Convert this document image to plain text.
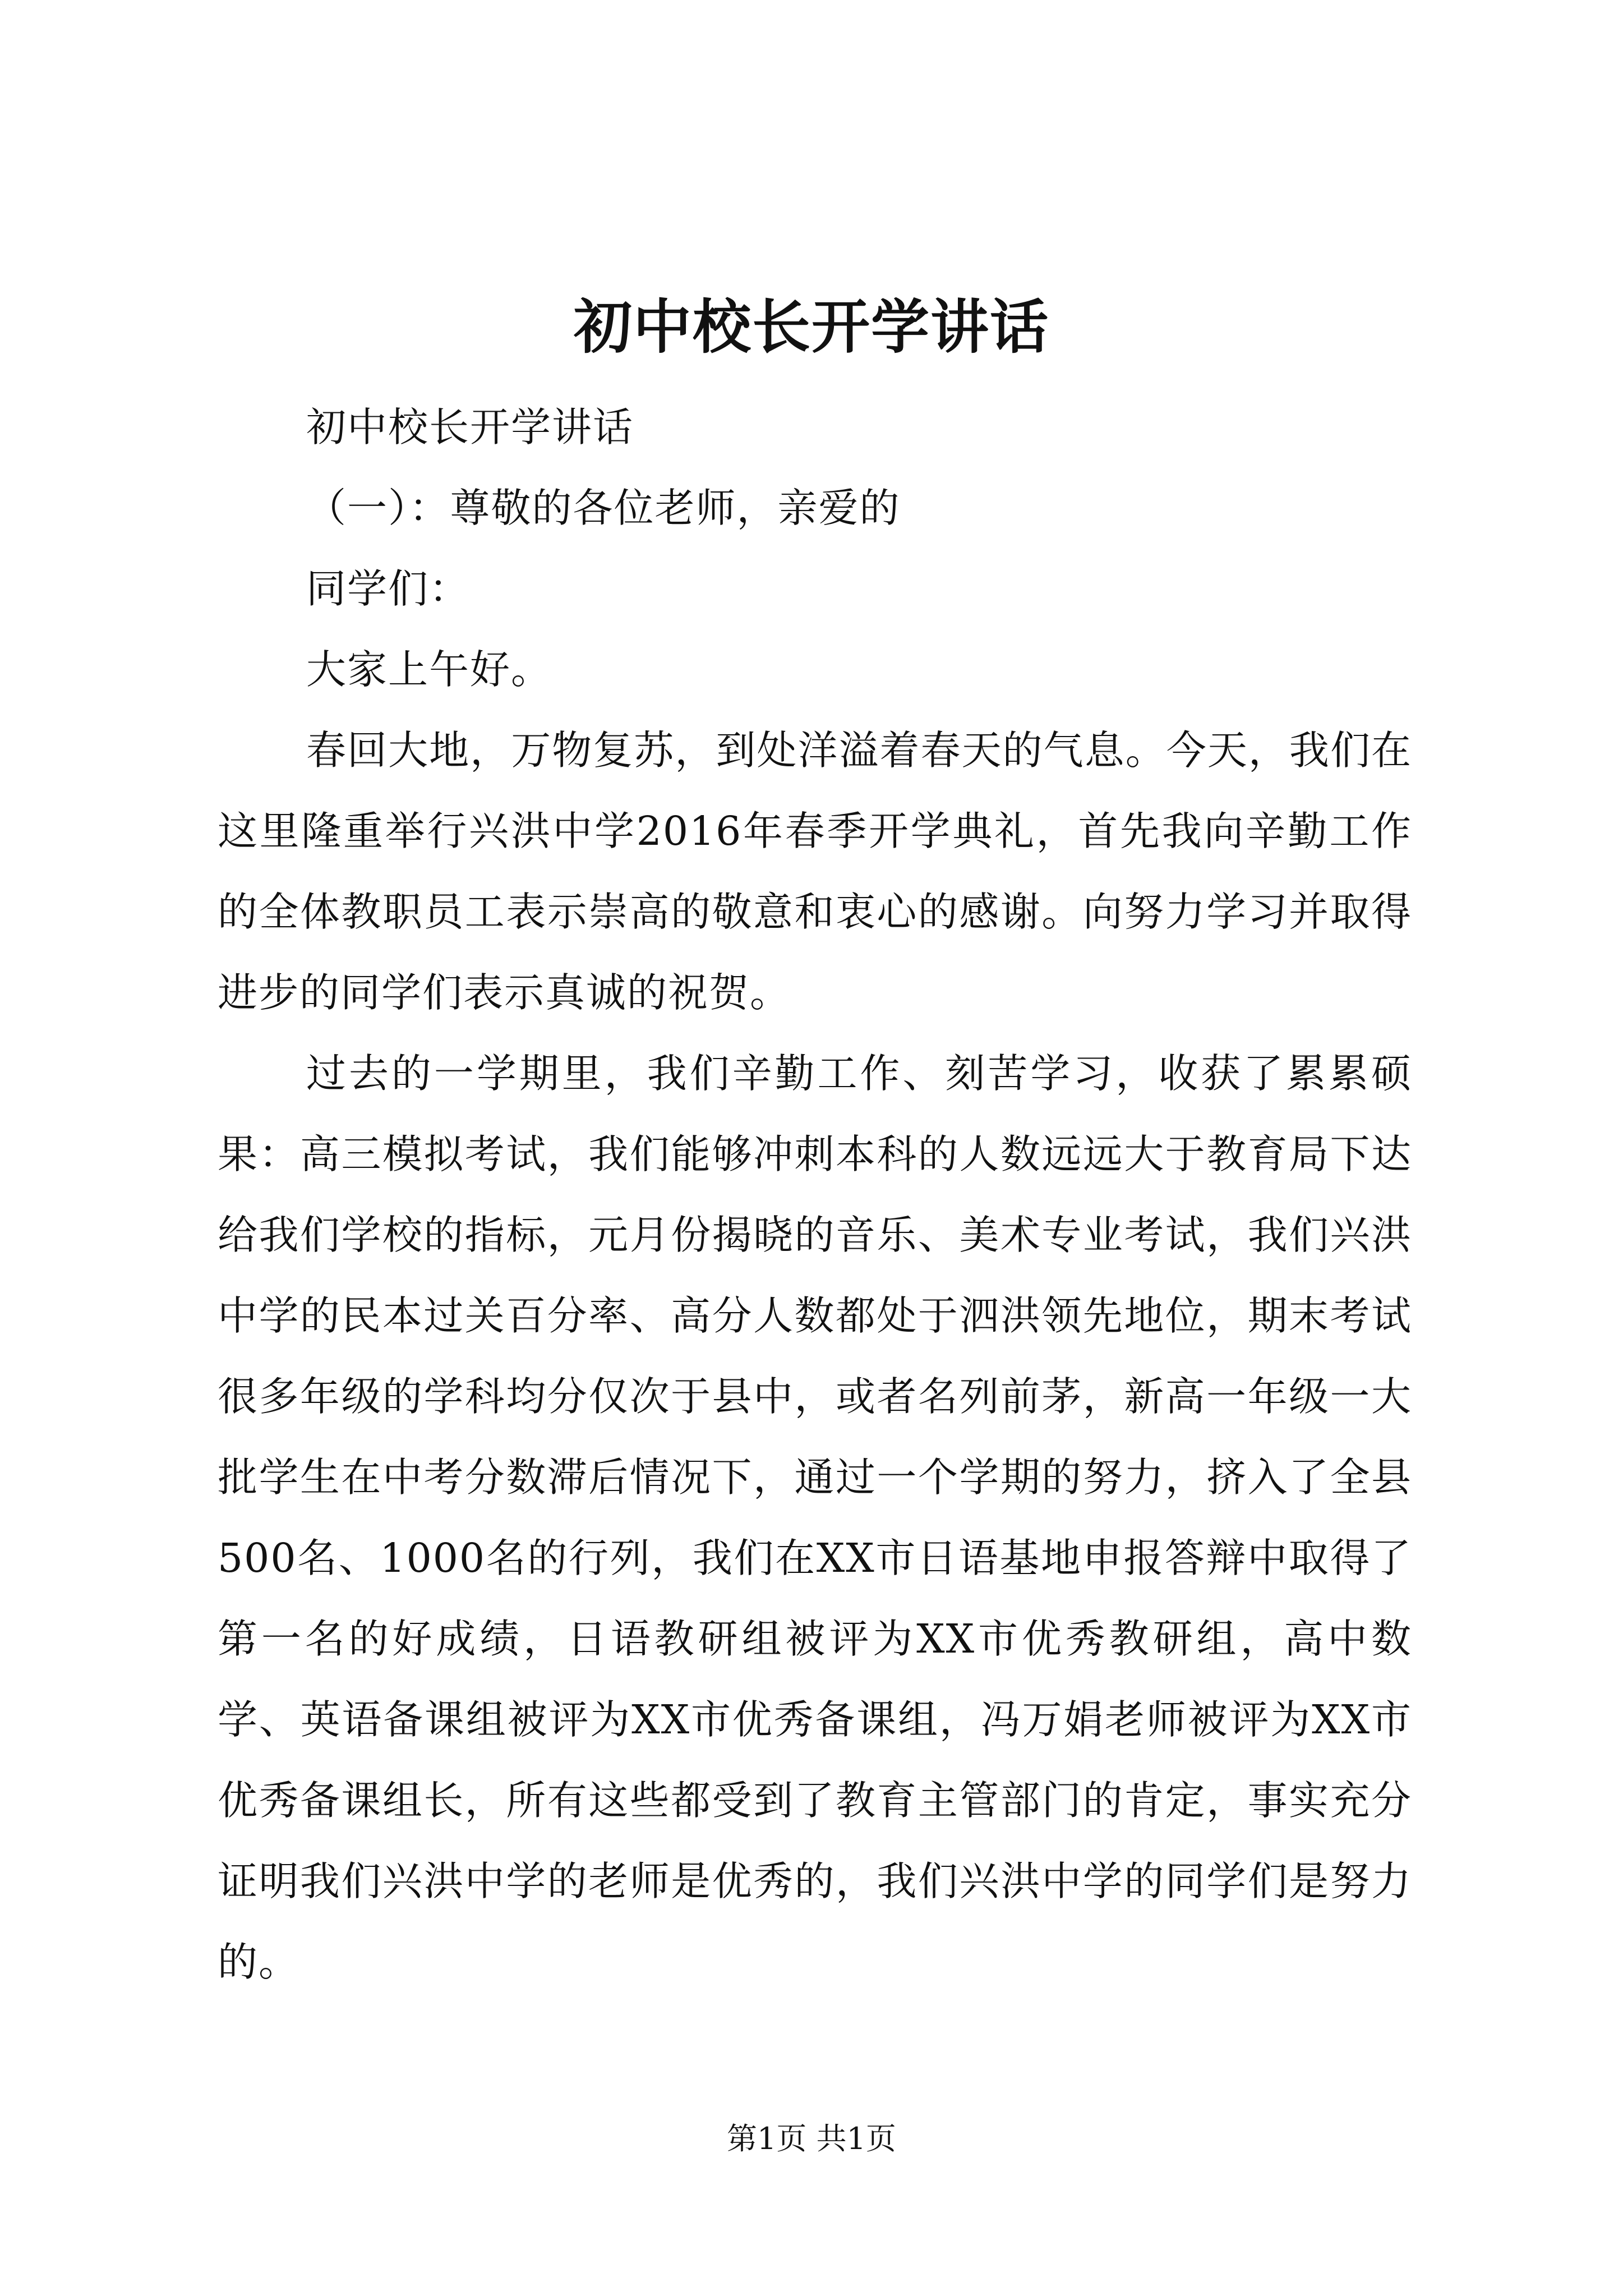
初中校长开学讲话

初中校长开学讲话

（一）：尊敬的各位老师，亲爱的

同学们：

大家上午好。

春回大地，万物复苏，到处洋溢着春天的气息。今天，我们在这里隆重举行兴洪中学2016年春季开学典礼，首先我向辛勤工作的全体教职员工表示崇高的敬意和衷心的感谢。向努力学习并取得进步的同学们表示真诚的祝贺。

过去的一学期里，我们辛勤工作、刻苦学习，收获了累累硕果：高三模拟考试，我们能够冲刺本科的人数远远大于教育局下达给我们学校的指标，元月份揭晓的音乐、美术专业考试，我们兴洪中学的民本过关百分率、高分人数都处于泗洪领先地位，期末考试很多年级的学科均分仅次于县中，或者名列前茅，新高一年级一大批学生在中考分数滞后情况下，通过一个学期的努力，挤入了全县500名、1000名的行列，我们在XX市日语基地申报答辩中取得了第一名的好成绩，日语教研组被评为XX市优秀教研组，高中数学、英语备课组被评为XX市优秀备课组，冯万娟老师被评为XX市优秀备课组长，所有这些都受到了教育主管部门的肯定，事实充分证明我们兴洪中学的老师是优秀的，我们兴洪中学的同学们是努力的。

第1页 共1页
